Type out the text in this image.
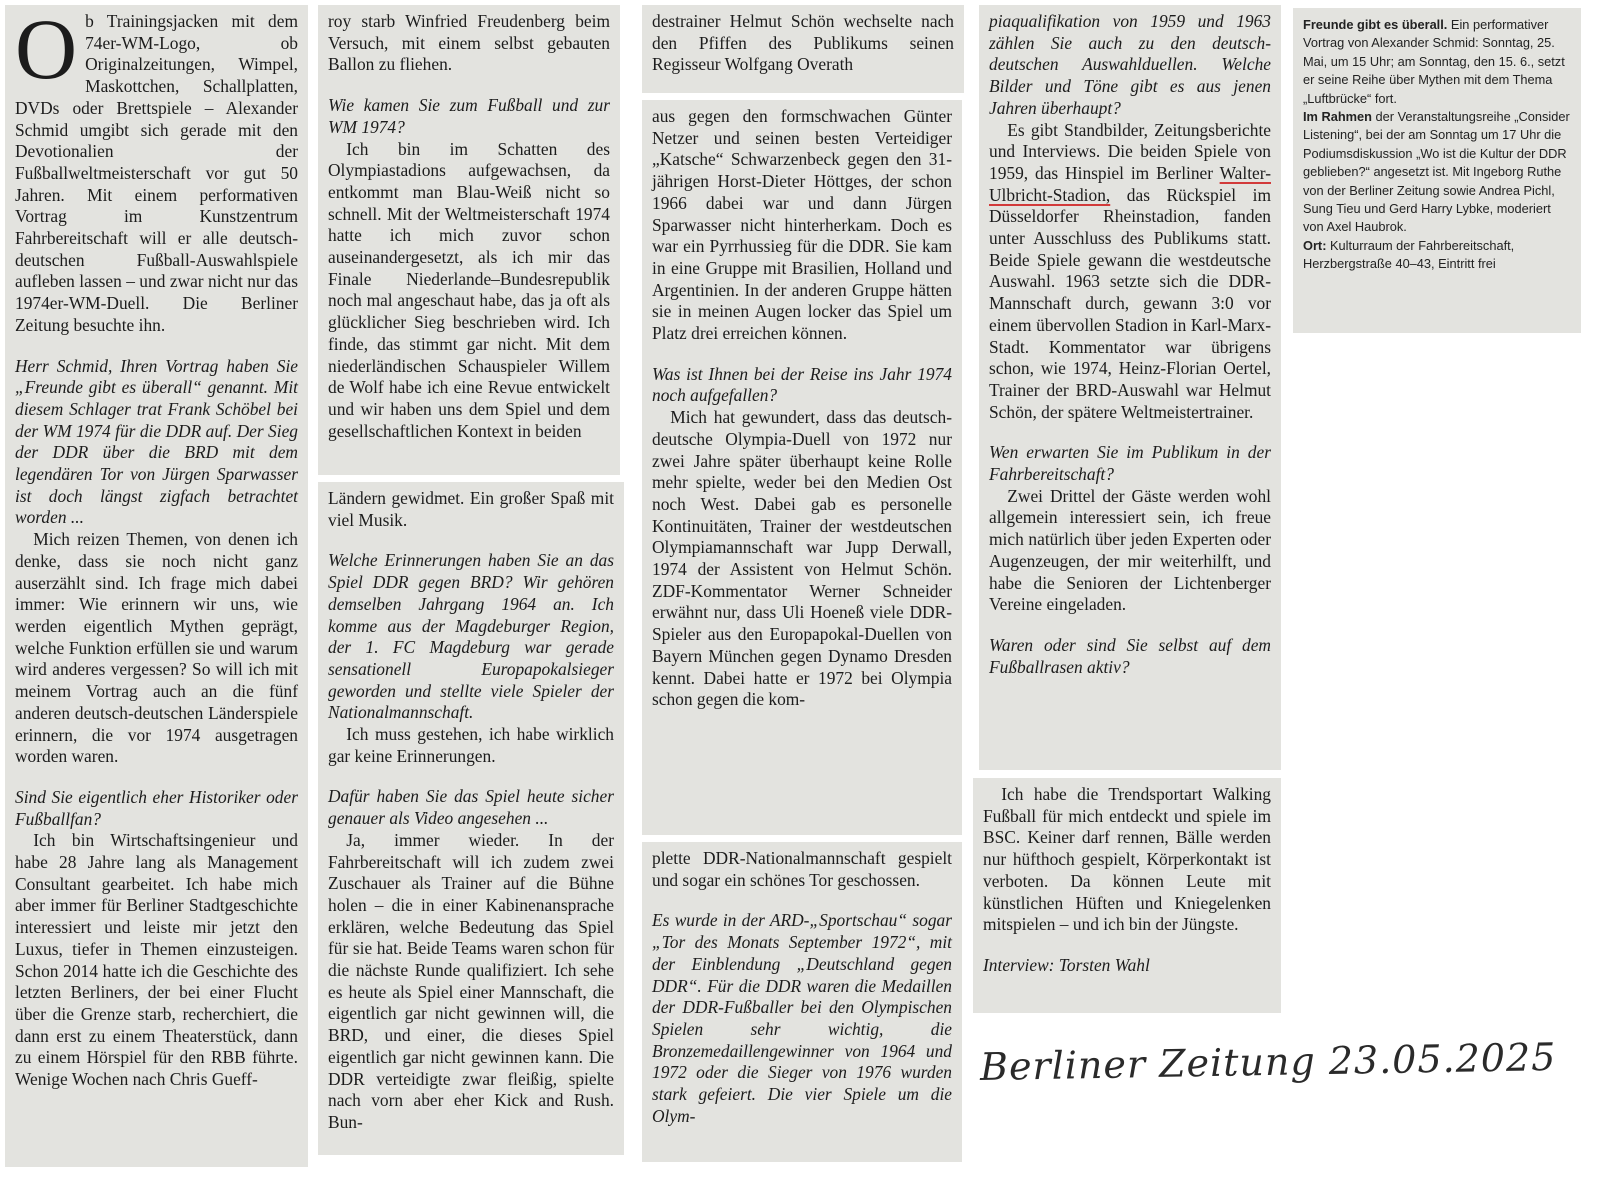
Ob Trainingsjacken mit dem 74er-WM-Logo, ob Originalzeitungen, Wimpel, Maskottchen, Schallplatten, DVDs oder Brettspiele – Alexander Schmid umgibt sich gerade mit den Devotionalien der Fußballweltmeisterschaft vor gut 50 Jahren. Mit einem performativen Vortrag im Kunstzentrum Fahrbereitschaft will er alle deutsch-deutschen Fußball-Auswahlspiele aufleben lassen – und zwar nicht nur das 1974er-WM-Duell. Die Berliner Zeitung besuchte ihn.

Herr Schmid, Ihren Vortrag haben Sie „Freunde gibt es überall“ genannt. Mit diesem Schlager trat Frank Schöbel bei der WM 1974 für die DDR auf. Der Sieg der DDR über die BRD mit dem legendären Tor von Jürgen Sparwasser ist doch längst zigfach betrachtet worden ...

Mich reizen Themen, von denen ich denke, dass sie noch nicht ganz auserzählt sind. Ich frage mich dabei immer: Wie erinnern wir uns, wie werden eigentlich Mythen geprägt, welche Funktion erfüllen sie und warum wird anderes vergessen? So will ich mit meinem Vortrag auch an die fünf anderen deutsch-deutschen Länderspiele erinnern, die vor 1974 ausgetragen worden waren.

Sind Sie eigentlich eher Historiker oder Fußballfan?

Ich bin Wirtschaftsingenieur und habe 28 Jahre lang als Management Consultant gearbeitet. Ich habe mich aber immer für Berliner Stadtgeschichte interessiert und leiste mir jetzt den Luxus, tiefer in Themen einzusteigen. Schon 2014 hatte ich die Geschichte des letzten Berliners, der bei einer Flucht über die Grenze starb, recherchiert, die dann erst zu einem Theaterstück, dann zu einem Hörspiel für den RBB führte. Wenige Wochen nach Chris Gueff-

roy starb Winfried Freudenberg beim Versuch, mit einem selbst gebauten Ballon zu fliehen.

Wie kamen Sie zum Fußball und zur WM 1974?

Ich bin im Schatten des Olympiastadions aufgewachsen, da entkommt man Blau-Weiß nicht so schnell. Mit der Weltmeisterschaft 1974 hatte ich mich zuvor schon auseinandergesetzt, als ich mir das Finale Niederlande–Bundesrepublik noch mal angeschaut habe, das ja oft als glücklicher Sieg beschrieben wird. Ich finde, das stimmt gar nicht. Mit dem niederländischen Schauspieler Willem de Wolf habe ich eine Revue entwickelt und wir haben uns dem Spiel und dem gesellschaftlichen Kontext in beiden

Ländern gewidmet. Ein großer Spaß mit viel Musik.

Welche Erinnerungen haben Sie an das Spiel DDR gegen BRD? Wir gehören demselben Jahrgang 1964 an. Ich komme aus der Magdeburger Region, der 1. FC Magdeburg war gerade sensationell Europapokalsieger geworden und stellte viele Spieler der Nationalmannschaft.

Ich muss gestehen, ich habe wirklich gar keine Erinnerungen.

Dafür haben Sie das Spiel heute sicher genauer als Video angesehen ...

Ja, immer wieder. In der Fahrbereitschaft will ich zudem zwei Zuschauer als Trainer auf die Bühne holen – die in einer Kabinenansprache erklären, welche Bedeutung das Spiel für sie hat. Beide Teams waren schon für die nächste Runde qualifiziert. Ich sehe es heute als Spiel einer Mannschaft, die eigentlich gar nicht gewinnen will, die BRD, und einer, die dieses Spiel eigentlich gar nicht gewinnen kann. Die DDR verteidigte zwar fleißig, spielte nach vorn aber eher Kick and Rush. Bun-

destrainer Helmut Schön wechselte nach den Pfiffen des Publikums seinen Regisseur Wolfgang Overath

aus gegen den formschwachen Günter Netzer und seinen besten Verteidiger „Katsche“ Schwarzenbeck gegen den 31-jährigen Horst-Dieter Höttges, der schon 1966 dabei war und dann Jürgen Sparwasser nicht hinterherkam. Doch es war ein Pyrrhussieg für die DDR. Sie kam in eine Gruppe mit Brasilien, Holland und Argentinien. In der anderen Gruppe hätten sie in meinen Augen locker das Spiel um Platz drei erreichen können.

Was ist Ihnen bei der Reise ins Jahr 1974 noch aufgefallen?

Mich hat gewundert, dass das deutsch-deutsche Olympia-Duell von 1972 nur zwei Jahre später überhaupt keine Rolle mehr spielte, weder bei den Medien Ost noch West. Dabei gab es personelle Kontinuitäten, Trainer der westdeutschen Olympiamannschaft war Jupp Derwall, 1974 der Assistent von Helmut Schön. ZDF-Kommentator Werner Schneider erwähnt nur, dass Uli Hoeneß viele DDR-Spieler aus den Europapokal-Duellen von Bayern München gegen Dynamo Dresden kennt. Dabei hatte er 1972 bei Olympia schon gegen die kom-

plette DDR-Nationalmannschaft gespielt und sogar ein schönes Tor geschossen.

Es wurde in der ARD-„Sportschau“ sogar „Tor des Monats September 1972“, mit der Einblendung „Deutschland gegen DDR“. Für die DDR waren die Medaillen der DDR-Fußballer bei den Olympischen Spielen sehr wichtig, die Bronzemedaillengewinner von 1964 und 1972 oder die Sieger von 1976 wurden stark gefeiert. Die vier Spiele um die Olym-

piaqualifikation von 1959 und 1963 zählen Sie auch zu den deutsch-deutschen Auswahlduellen. Welche Bilder und Töne gibt es aus jenen Jahren überhaupt?

Es gibt Standbilder, Zeitungsberichte und Interviews. Die beiden Spiele von 1959, das Hinspiel im Berliner Walter-Ulbricht-Stadion, das Rückspiel im Düsseldorfer Rheinstadion, fanden unter Ausschluss des Publikums statt. Beide Spiele gewann die westdeutsche Auswahl. 1963 setzte sich die DDR-Mannschaft durch, gewann 3:0 vor einem übervollen Stadion in Karl-Marx-Stadt. Kommentator war übrigens schon, wie 1974, Heinz-Florian Oertel, Trainer der BRD-Auswahl war Helmut Schön, der spätere Weltmeistertrainer.

Wen erwarten Sie im Publikum in der Fahrbereitschaft?

Zwei Drittel der Gäste werden wohl allgemein interessiert sein, ich freue mich natürlich über jeden Experten oder Augenzeugen, der mir weiterhilft, und habe die Senioren der Lichtenberger Vereine eingeladen.

Waren oder sind Sie selbst auf dem Fußballrasen aktiv?

Ich habe die Trendsportart Walking Fußball für mich entdeckt und spiele im BSC. Keiner darf rennen, Bälle werden nur hüfthoch gespielt, Körperkontakt ist verboten. Da können Leute mit künstlichen Hüften und Kniegelenken mitspielen – und ich bin der Jüngste.

Interview: Torsten Wahl

Freunde gibt es überall. Ein performativer Vortrag von Alexander Schmid: Sonntag, 25. Mai, um 15 Uhr; am Sonntag, den 15. 6., setzt er seine Reihe über Mythen mit dem Thema „Luftbrücke“ fort.

Im Rahmen der Veranstaltungsreihe „Consider Listening“, bei der am Sonntag um 17 Uhr die Podiumsdiskussion „Wo ist die Kultur der DDR geblieben?“ angesetzt ist. Mit Ingeborg Ruthe von der Berliner Zeitung sowie Andrea Pichl, Sung Tieu und Gerd Harry Lybke, moderiert von Axel Haubrok.

Ort: Kulturraum der Fahrbereitschaft, Herzbergstraße 40–43, Eintritt frei

Berliner Zeitung 23.05.2025
